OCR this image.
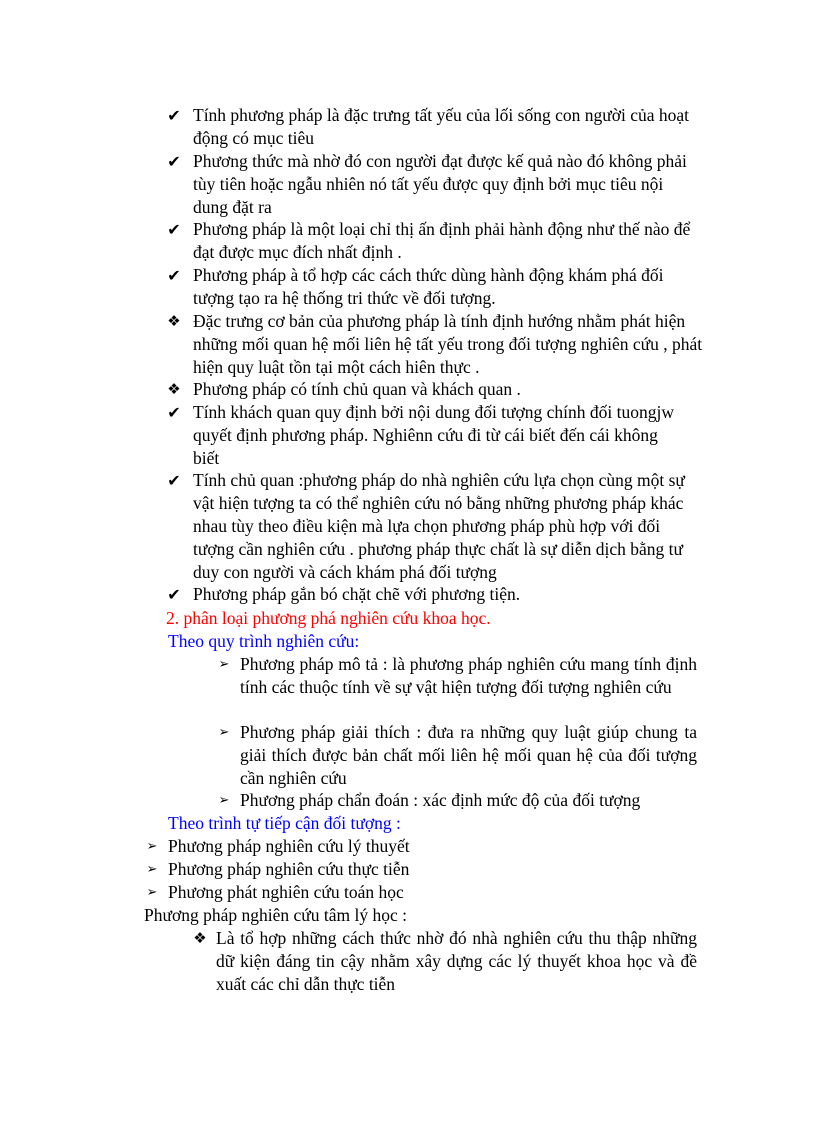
✔ Tính phương pháp là đặc trưng tất yếu của lối sống con người của hoạt động có mục tiêu
✔ Phương thức mà nhờ đó con người đạt được kế quả nào đó không phải tùy tiên hoặc ngẫu nhiên nó tất yếu được quy định bởi mục tiêu nội dung đặt ra
✔ Phương pháp là một loại chỉ thị ấn định phải hành động như thế nào để đạt được mục đích nhất định .
✔ Phương pháp à tổ hợp các cách thức dùng hành động khám phá đối tượng tạo ra hệ thống tri thức về đối tượng.
❖ Đặc trưng cơ bản của phương pháp là tính định hướng nhằm phát hiện những mối quan hệ mối liên hệ tất yếu trong đối tượng nghiên cứu , phát hiện quy luật tồn tại một cách hiên thực .
❖ Phương pháp có tính chủ quan và khách quan .
✔ Tính khách quan quy định bởi nội dung đối tượng chính đối tuongjw quyết định phương pháp. Nghiênn cứu đi từ cái biết đến cái không biết
✔ Tính chủ quan :phương pháp do nhà nghiên cứu lựa chọn cùng một sự vật hiện tượng ta có thể nghiên cứu nó bằng những phương pháp khác nhau tùy theo điều kiện mà lựa chọn phương pháp phù hợp với đối tượng cần nghiên cứu . phương pháp thực chất là sự diễn dịch bằng tư duy con người và cách khám phá đối tượng
✔ Phương pháp gắn bó chặt chẽ với phương tiện.
2. phân loại phương phá nghiên cứu khoa học.
Theo quy trình nghiên cứu:
➢ Phương pháp mô tả : là phương pháp nghiên cứu mang tính định tính các thuộc tính về sự vật hiện tượng đối tượng nghiên cứu
➢ Phương pháp giải thích : đưa ra những quy luật giúp chung ta giải thích được bản chất mối liên hệ mối quan hệ của đối tượng cần nghiên cứu
➢ Phương pháp chẩn đoán : xác định mức độ của đối tượng
Theo trình tự tiếp cận đối tượng :
➢ Phương pháp nghiên cứu lý thuyết
➢ Phương pháp nghiên cứu thực tiễn
➢ Phương phát nghiên cứu toán học
Phương pháp nghiên cứu tâm lý học :
❖ Là tổ hợp những cách thức nhờ đó nhà nghiên cứu thu thập những dữ kiện đáng tin cậy nhằm xây dựng các lý thuyết khoa học và đề xuất các chỉ dẫn thực tiễn
